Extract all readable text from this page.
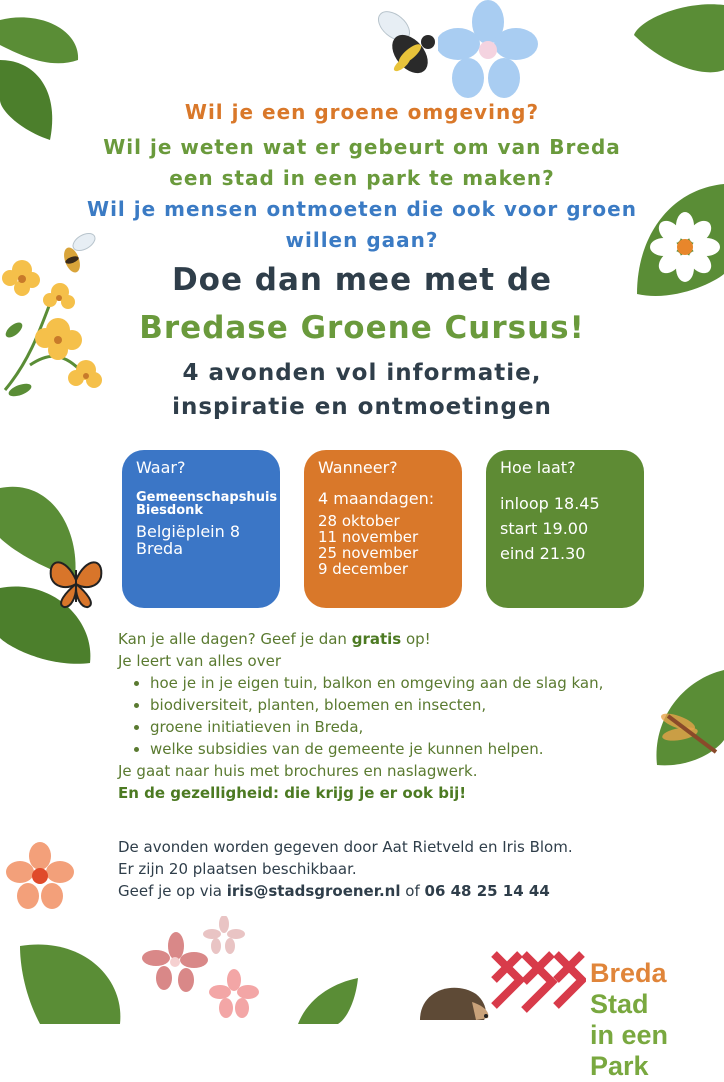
Wil je een groene omgeving?
Wil je weten wat er gebeurt om van Breda
een stad in een park te maken?
Wil je mensen ontmoeten die ook voor groen
willen gaan?
Doe dan mee met de
Bredase Groene Cursus!
4 avonden vol informatie,
inspiratie en ontmoetingen
Waar?
Gemeenschapshuis
Biesdonk
Belgiëplein 8
Breda
Wanneer?
4 maandagen:
28 oktober
11 november
25 november
9 december
Hoe laat?
inloop 18.45
start 19.00
eind 21.30
Kan je alle dagen? Geef je dan gratis op!
Je leert van alles over
• hoe je in je eigen tuin, balkon en omgeving aan de slag kan,
• biodiversiteit, planten, bloemen en insecten,
• groene initiatieven in Breda,
• welke subsidies van de gemeente je kunnen helpen.
Je gaat naar huis met brochures en naslagwerk.
En de gezelligheid: die krijg je er ook bij!
De avonden worden gegeven door Aat Rietveld en Iris Blom.
Er zijn 20 plaatsen beschikbaar.
Geef je op via iris@stadsgroener.nl of 06 48 25 14 44
Breda Stad
in een Park
